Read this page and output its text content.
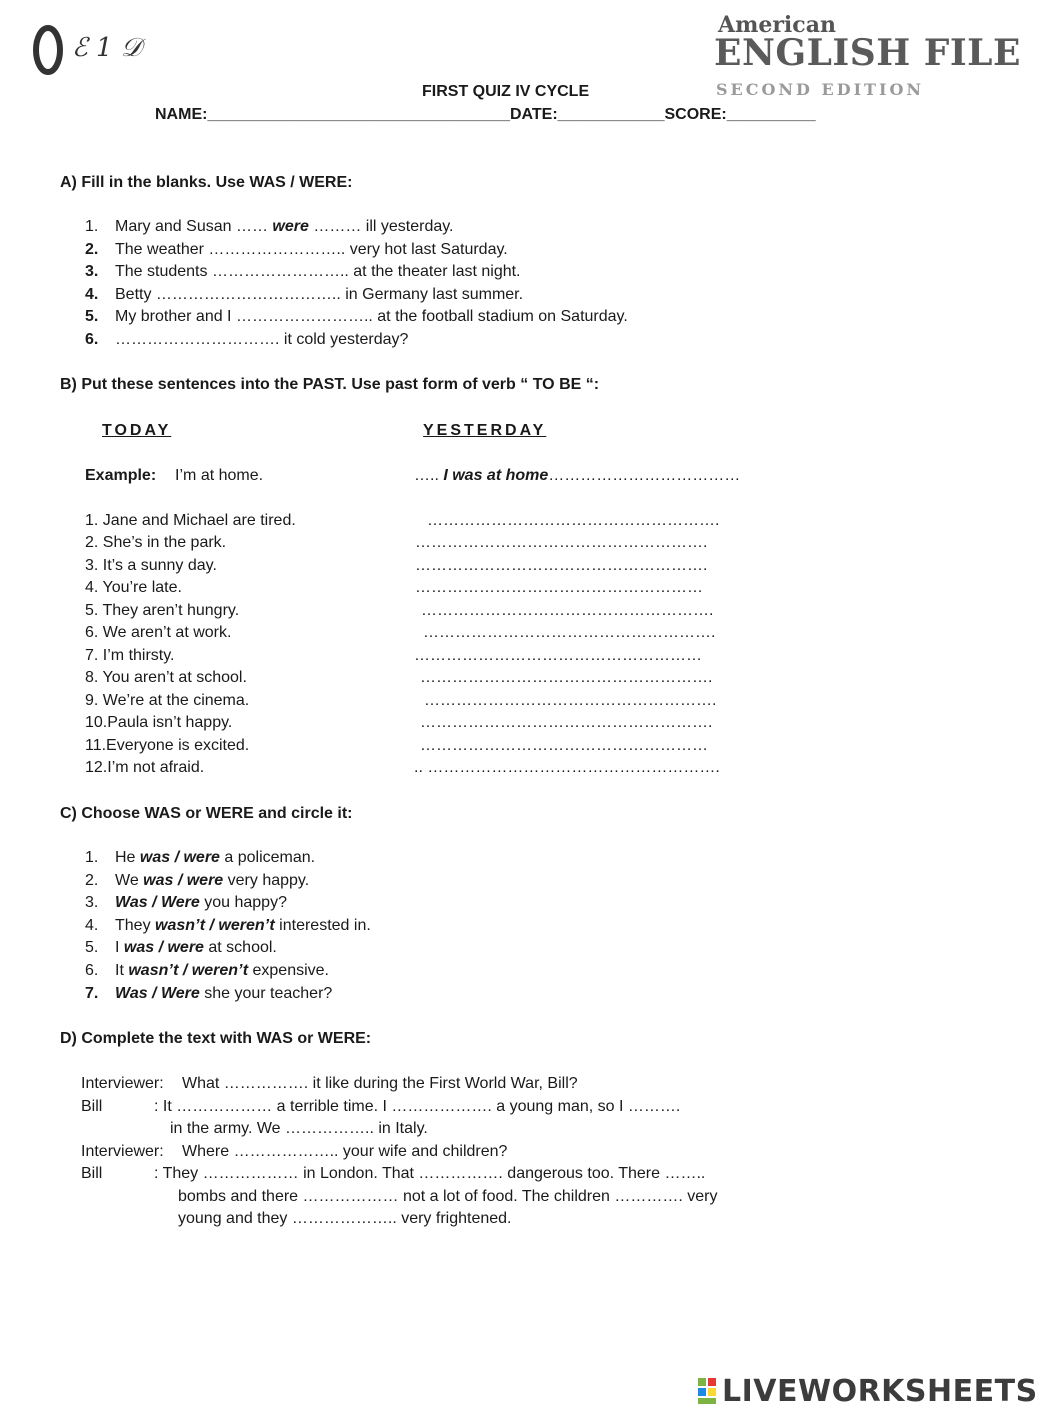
ℰ 1 𝒟
American
ENGLISH FILE
SECOND EDITION
FIRST QUIZ IV CYCLE
NAME:__________________________________DATE:____________SCORE:__________
A) Fill in the blanks. Use WAS / WERE:
1. Mary and Susan …… were ……… ill yesterday.
2. The weather …………………….. very hot last Saturday.
3. The students …………………….. at the theater last night.
4. Betty …………………………….. in Germany last summer.
5. My brother and I …………………….. at the football stadium on Saturday.
6. …………………………. it cold yesterday?
B) Put these sentences into the PAST. Use past form of verb “ TO BE “:
TODAY	YESTERDAY
Example: I’m at home.	….. I was at home………………………………
1. Jane and Michael are tired.	……………………………………………….
2. She’s in the park.	……………………………………………….
3. It’s a sunny day.	……………………………………………….
4. You’re late.	………………………………………………
5. They aren’t hungry.	……………………………………………….
6. We aren’t at work.	……………………………………………….
7. I’m thirsty.	………………………………………………
8. You aren’t at school.	……………………………………………….
9. We’re at the cinema.	……………………………………………….
10.Paula isn’t happy.	……………………………………………….
11.Everyone is excited.	………………………………………………
12.I’m not afraid.	.. ……………………………………………….
C) Choose WAS or WERE and circle it:
1. He was / were a policeman.
2. We was / were very happy.
3. Was / Were you happy?
4. They wasn’t / weren’t interested in.
5. I was / were at school.
6. It wasn’t / weren’t expensive.
7. Was / Were she your teacher?
D) Complete the text with WAS or WERE:
Interviewer: What ……………. it like during the First World War, Bill?
Bill	: It ……………… a terrible time. I ………………. a young man, so I ……….
in the army. We …………….. in Italy.
Interviewer: Where ……………….. your wife and children?
Bill	: They ……………… in London. That ……………. dangerous too. There ……..
bombs and there ……………… not a lot of food. The children …………. very
young and they ……………….. very frightened.
LIVEWORKSHEETS
